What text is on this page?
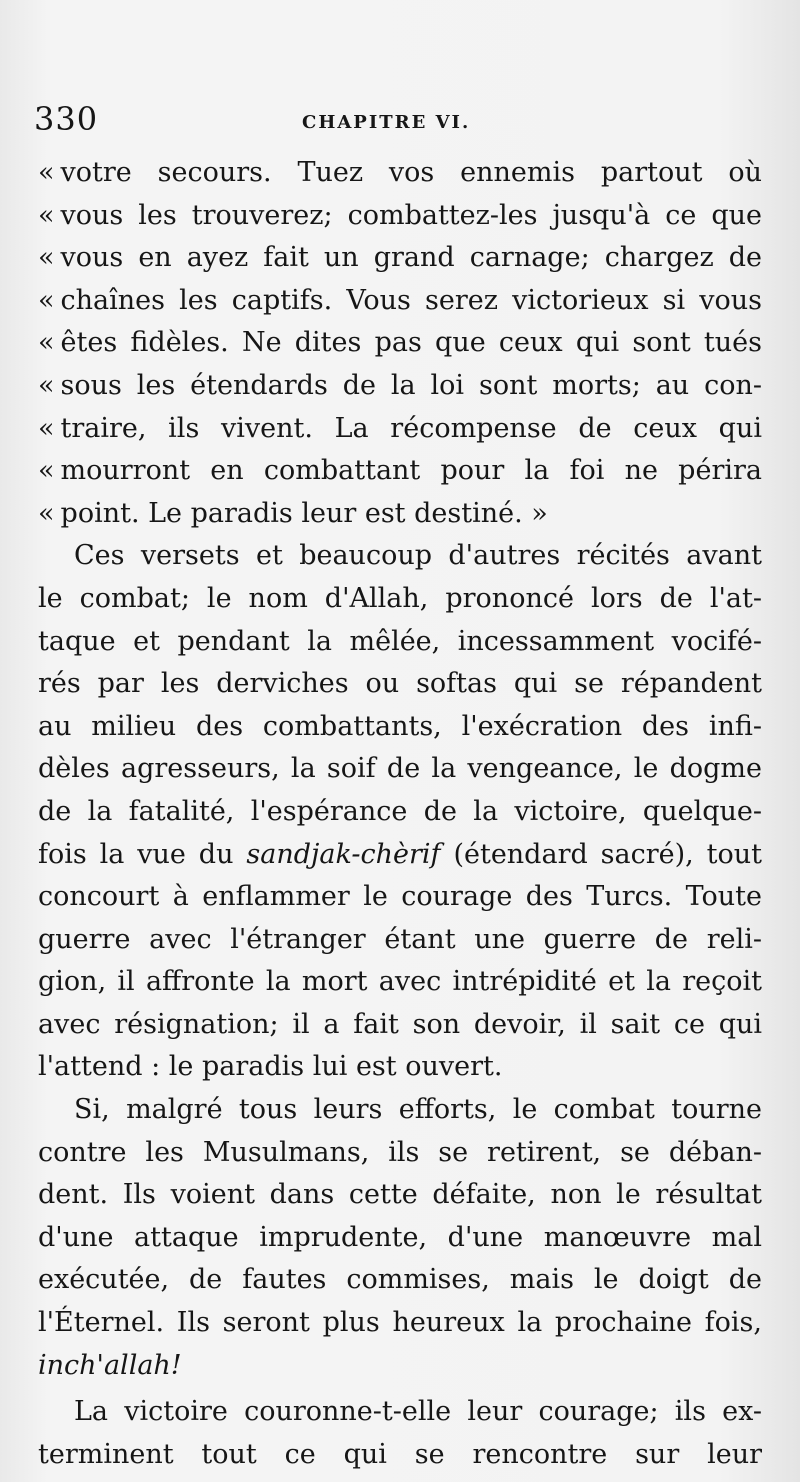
330	CHAPITRE VI.
« votre secours. Tuez vos ennemis partout où
« vous les trouverez; combattez-les jusqu'à ce que
« vous en ayez fait un grand carnage; chargez de
« chaînes les captifs. Vous serez victorieux si vous
« êtes fidèles. Ne dites pas que ceux qui sont tués
« sous les étendards de la loi sont morts; au con-
« traire, ils vivent. La récompense de ceux qui
« mourront en combattant pour la foi ne périra
« point. Le paradis leur est destiné. »
Ces versets et beaucoup d'autres récités avant
le combat; le nom d'Allah, prononcé lors de l'at-
taque et pendant la mêlée, incessamment vocifé-
rés par les derviches ou softas qui se répandent
au milieu des combattants, l'exécration des infi-
dèles agresseurs, la soif de la vengeance, le dogme
de la fatalité, l'espérance de la victoire, quelque-
fois la vue du sandjak-chèrif (étendard sacré), tout
concourt à enflammer le courage des Turcs. Toute
guerre avec l'étranger étant une guerre de reli-
gion, il affronte la mort avec intrépidité et la reçoit
avec résignation; il a fait son devoir, il sait ce qui
l'attend : le paradis lui est ouvert.
Si, malgré tous leurs efforts, le combat tourne
contre les Musulmans, ils se retirent, se déban-
dent. Ils voient dans cette défaite, non le résultat
d'une attaque imprudente, d'une manœuvre mal
exécutée, de fautes commises, mais le doigt de
l'Éternel. Ils seront plus heureux la prochaine fois,
inch'allah!
La victoire couronne-t-elle leur courage; ils ex-
terminent tout ce qui se rencontre sur leur
